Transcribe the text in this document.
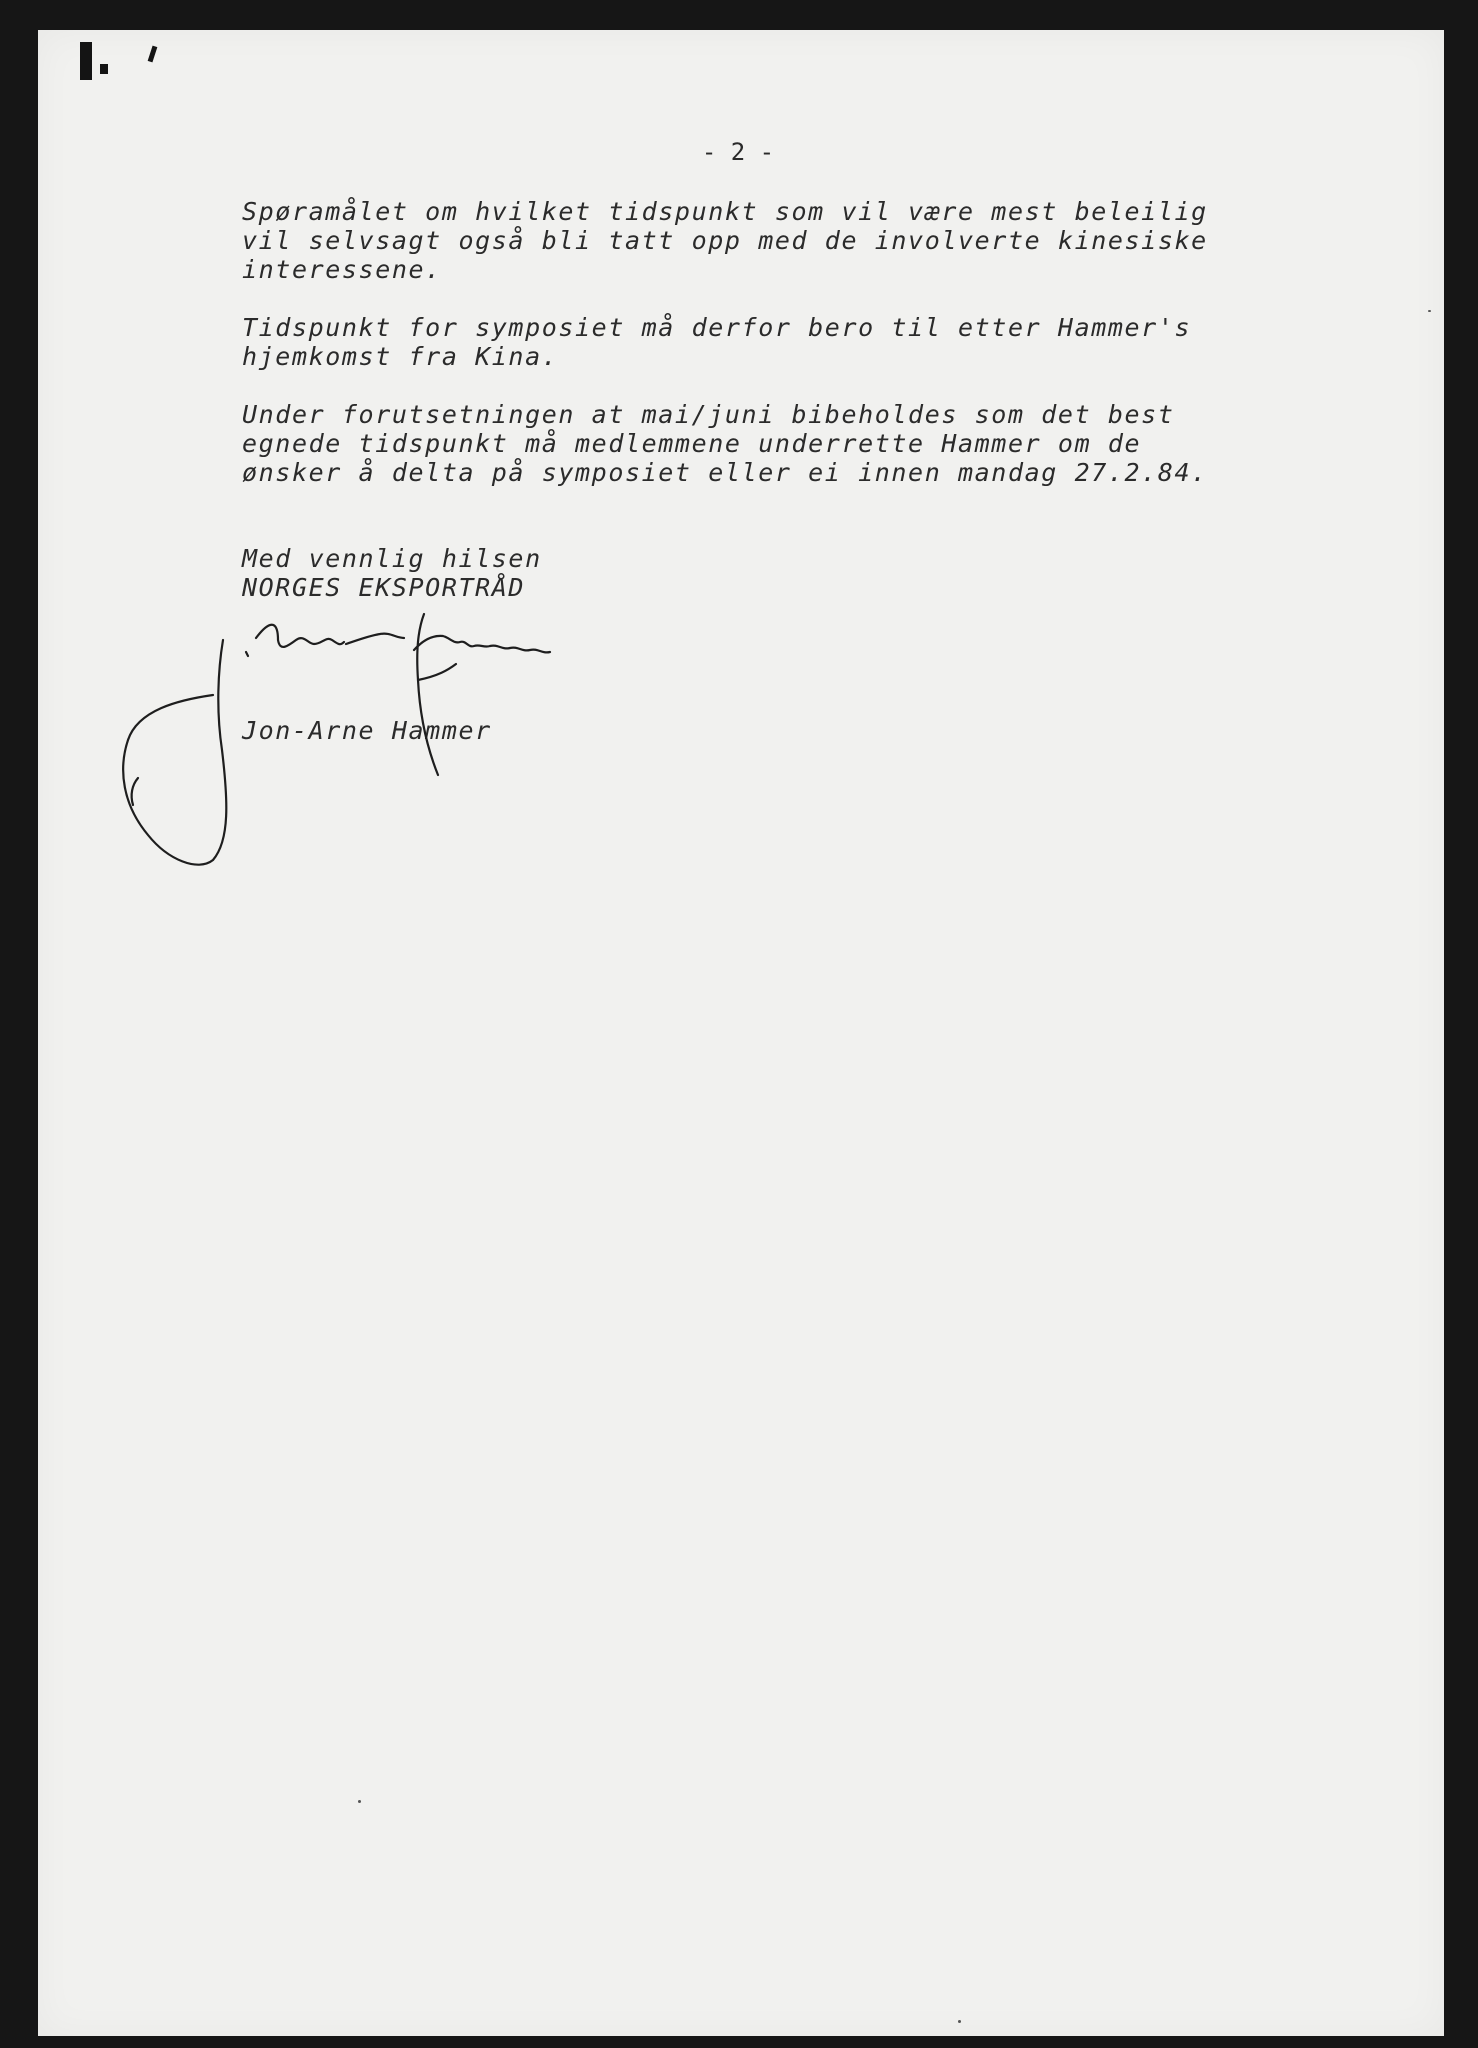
- 2 -

Spøramålet om hvilket tidspunkt som vil være mest beleilig
vil selvsagt også bli tatt opp med de involverte kinesiske
interessene.

Tidspunkt for symposiet må derfor bero til etter Hammer's
hjemkomst fra Kina.

Under forutsetningen at mai/juni bibeholdes som det best
egnede tidspunkt må medlemmene underrette Hammer om de
ønsker å delta på symposiet eller ei innen mandag 27.2.84.

Med vennlig hilsen
NORGES EKSPORTRÅD

Jon-Arne Hammer
